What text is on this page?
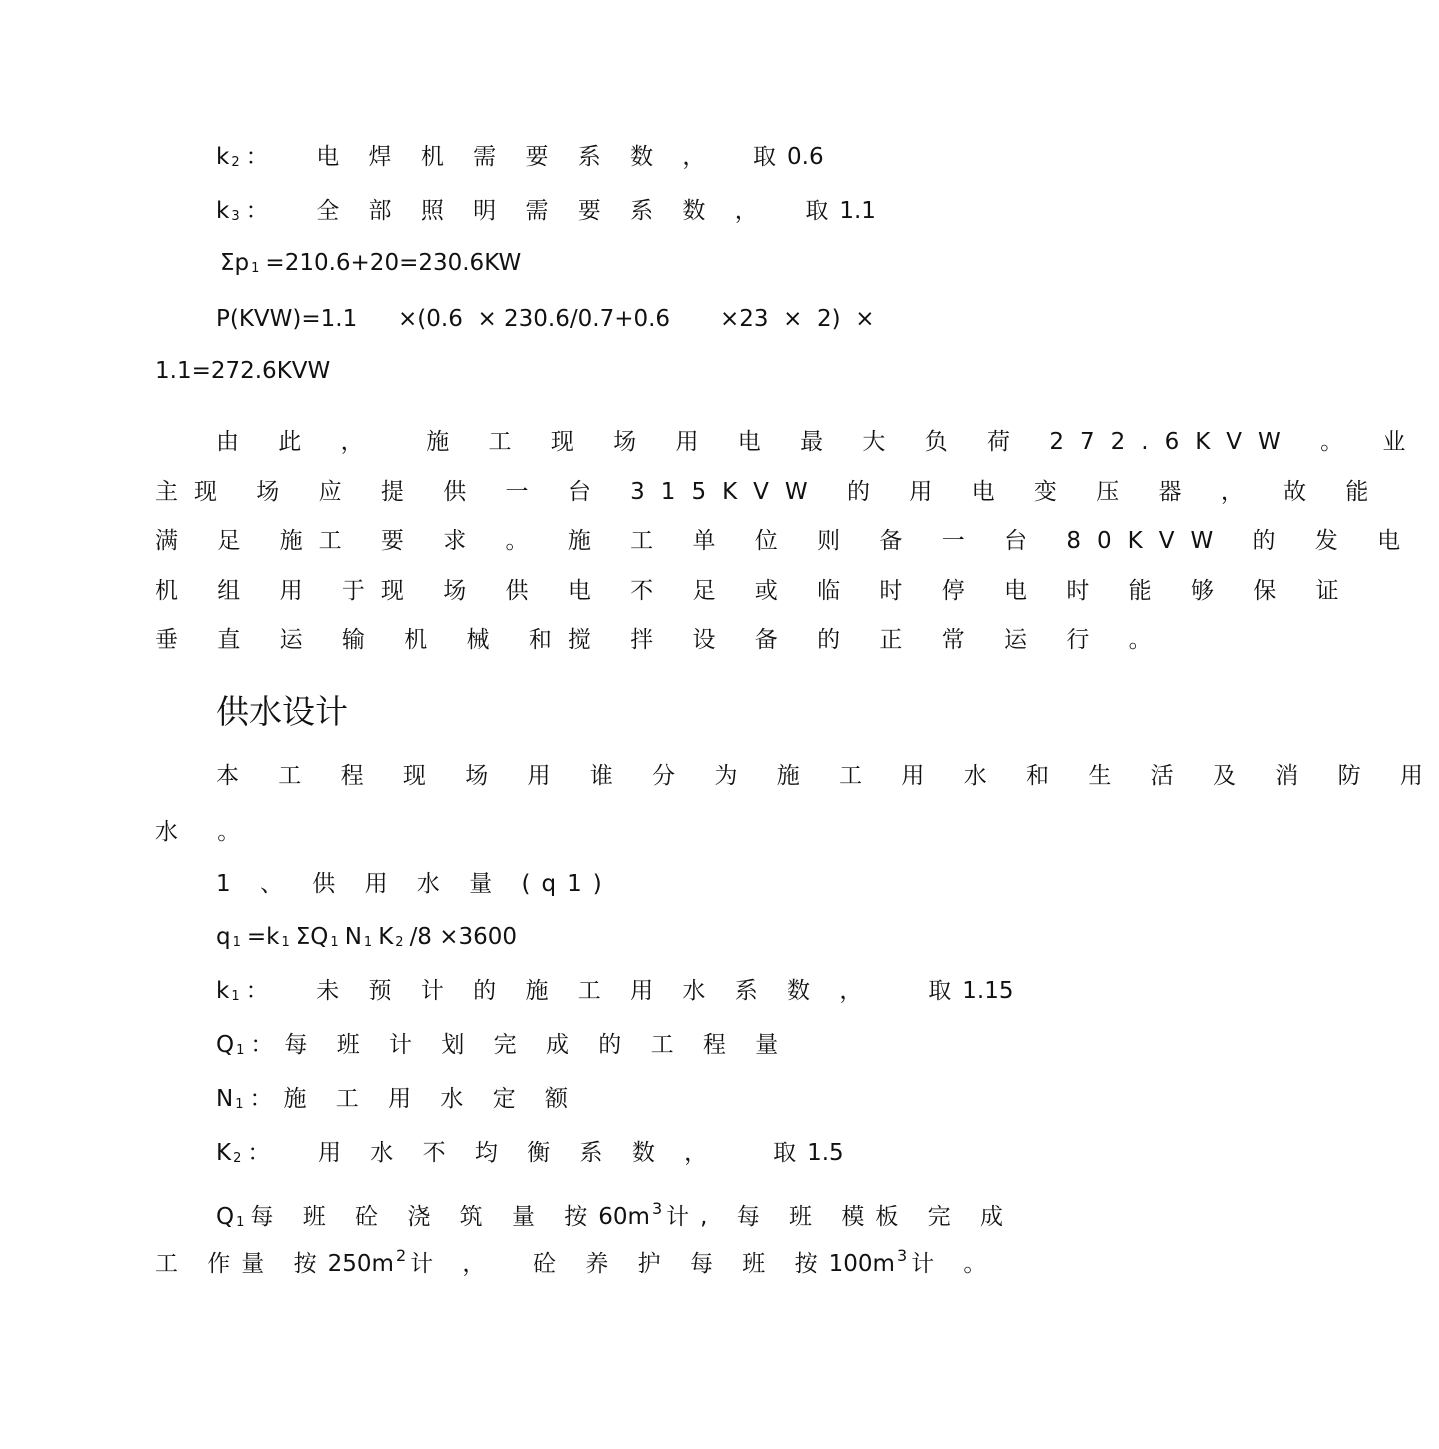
k 2 ：  电 焊 机 需 要 系 数 ，  取0.6
k 3 ：  全 部 照 明 需 要 系 数 ，  取1.1
Σp 1 =210.6+20=230.6KW
P(KVW)=1.1 ×(0.6  × 230.6/0.7+0.6 ×23  ×  2)  ×
1.1=272.6KVW
由 此 ，  施 工 现 场 用 电 最 大 负 荷 272.6KVW 。 业
主现 场 应 提 供 一 台 315KVW 的 用 电 变 压 器 ， 故 能
满 足 施工 要 求 。 施 工 单 位 则 备 一 台 80KVW 的 发 电
机 组 用 于现 场 供 电 不 足 或 临 时 停 电 时 能 够 保 证
垂 直 运 输 机 械 和搅 拌 设 备 的 正 常 运 行 。
供水设计
本 工 程 现 场 用 谁 分 为 施 工 用 水 和 生 活 及 消 防 用
水 。
1 、 供 用 水 量 (q1)
q 1 =k 1 ΣQ 1 N 1 K 2 /8 ×3600
k 1 ：  未 预 计 的 施 工 用 水 系 数 ，   取1.15
Q 1 ：每 班 计 划 完 成 的 工 程 量
N 1 ：施 工 用 水 定 额
K 2 ：  用 水 不 均 衡 系 数 ，   取1.5
Q 1 每 班 砼 浇 筑 量 按60m $^3$ 计, 每 班 模板 完 成
工 作量 按250m $^2$ 计 ，  砼 养 护 每 班 按100m $^3$ 计 。
